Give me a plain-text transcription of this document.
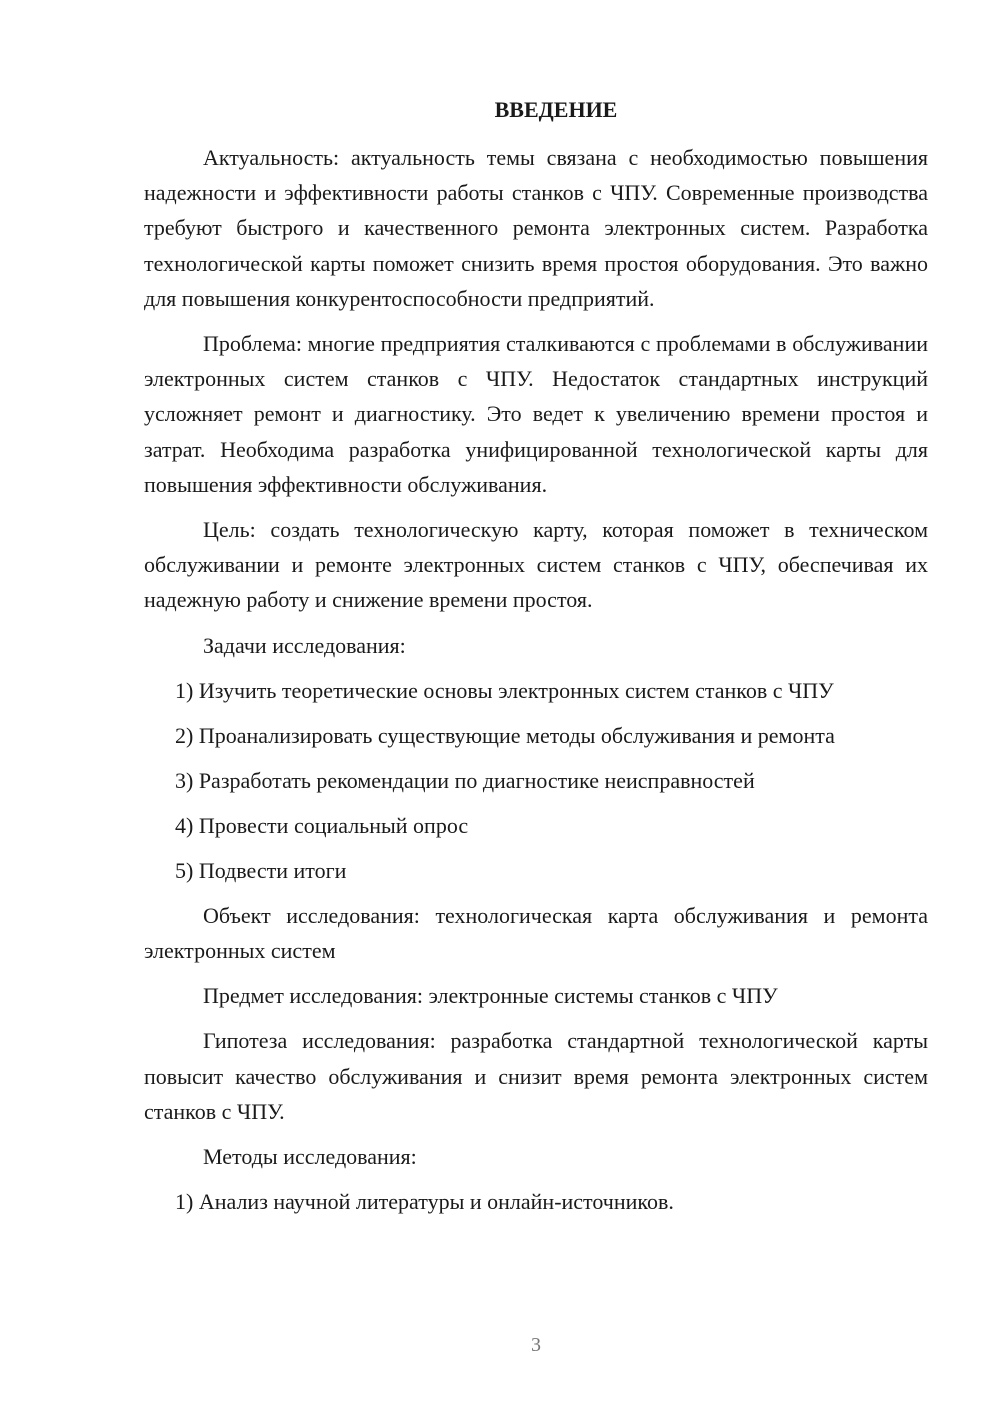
ВВЕДЕНИЕ

Актуальность: актуальность темы связана с необходимостью повышения надежности и эффективности работы станков с ЧПУ. Современные производства требуют быстрого и качественного ремонта электронных систем. Разработка технологической карты поможет снизить время простоя оборудования. Это важно для повышения конкурентоспособности предприятий.

Проблема: многие предприятия сталкиваются с проблемами в обслуживании электронных систем станков с ЧПУ. Недостаток стандартных инструкций усложняет ремонт и диагностику. Это ведет к увеличению времени простоя и затрат. Необходима разработка унифицированной технологической карты для повышения эффективности обслуживания.

Цель: создать технологическую карту, которая поможет в техническом обслуживании и ремонте электронных систем станков с ЧПУ, обеспечивая их надежную работу и снижение времени простоя.

Задачи исследования:

1) Изучить теоретические основы электронных систем станков с ЧПУ
2) Проанализировать существующие методы обслуживания и ремонта
3) Разработать рекомендации по диагностике неисправностей
4) Провести социальный опрос
5) Подвести итоги

Объект исследования: технологическая карта обслуживания и ремонта электронных систем

Предмет исследования: электронные системы станков с ЧПУ

Гипотеза исследования: разработка стандартной технологической карты повысит качество обслуживания и снизит время ремонта электронных систем станков с ЧПУ.

Методы исследования:

1) Анализ научной литературы и онлайн-источников.
3
